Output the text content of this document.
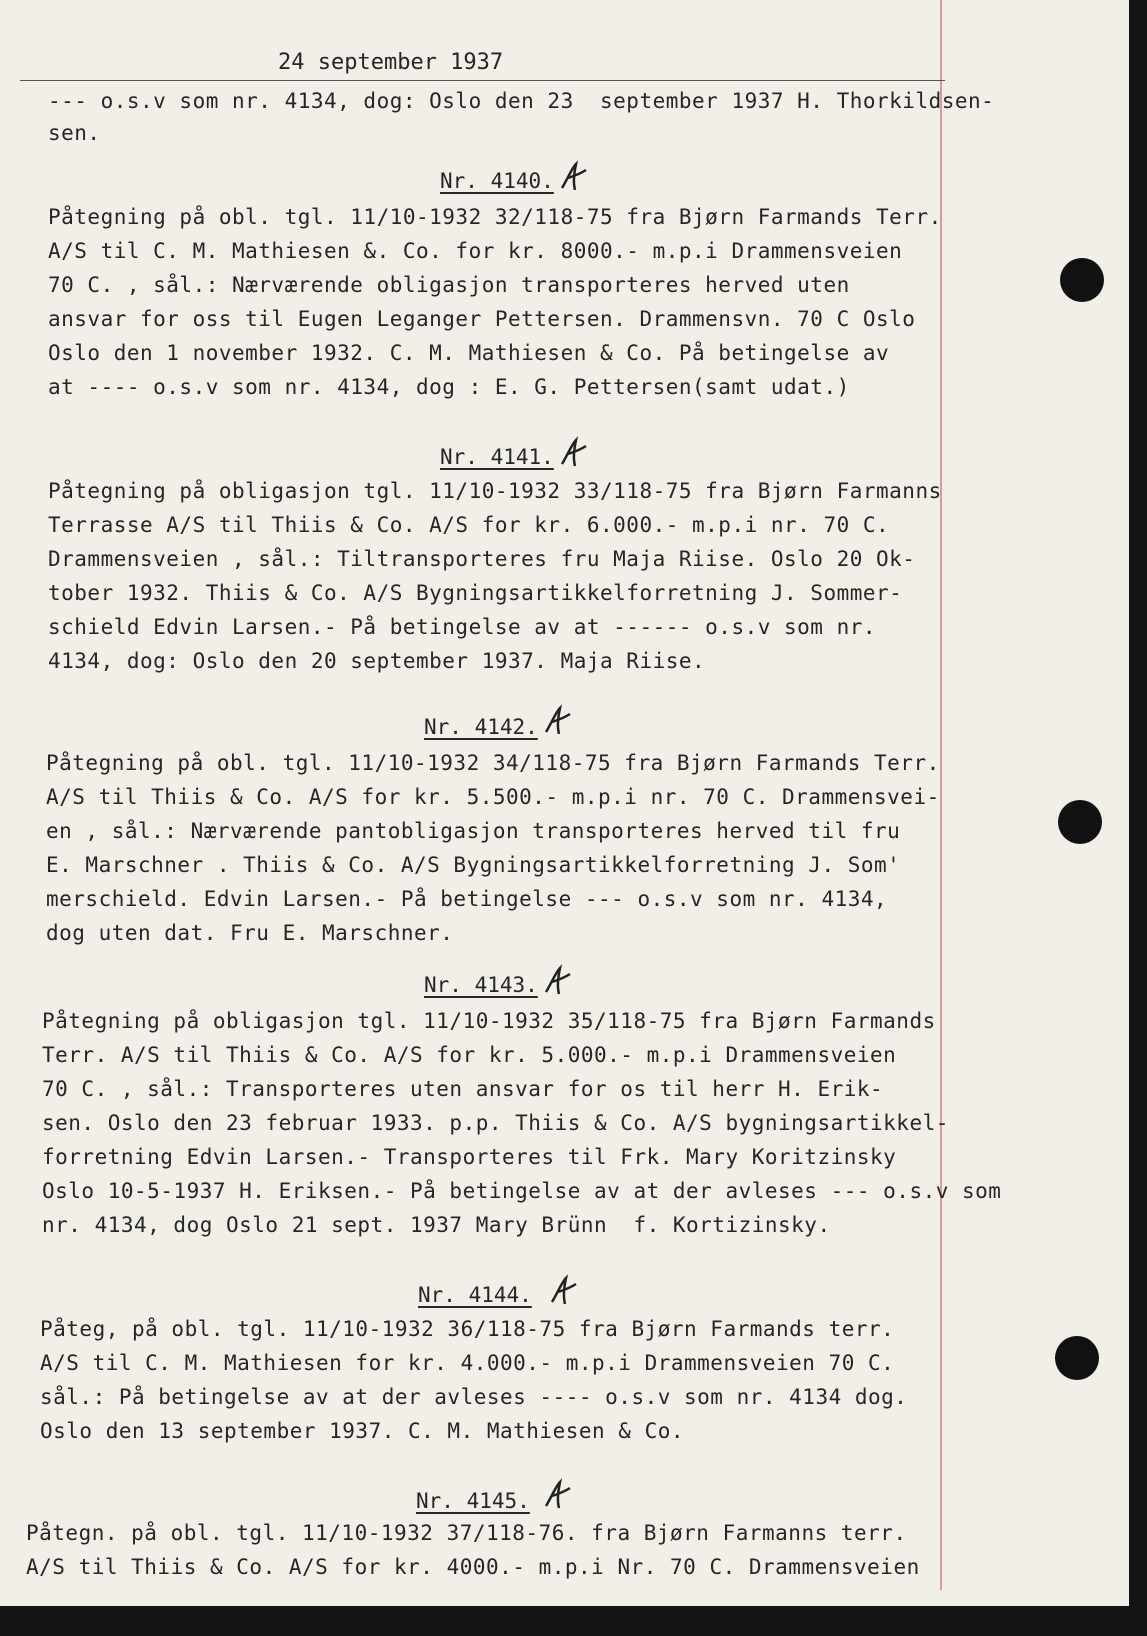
24 september 1937
--- o.s.v som nr. 4134, dog: Oslo den 23  september 1937 H. Thorkildsen-
sen.
Nr. 4140.
Påtegning på obl. tgl. 11/10-1932 32/118-75 fra Bjørn Farmands Terr.
A/S til C. M. Mathiesen &. Co. for kr. 8000.- m.p.i Drammensveien
70 C. , sål.: Nærværende obligasjon transporteres herved uten
ansvar for oss til Eugen Leganger Pettersen. Drammensvn. 70 C Oslo
Oslo den 1 november 1932. C. M. Mathiesen & Co. På betingelse av
at ---- o.s.v som nr. 4134, dog : E. G. Pettersen(samt udat.)
Nr. 4141.
Påtegning på obligasjon tgl. 11/10-1932 33/118-75 fra Bjørn Farmanns
Terrasse A/S til Thiis & Co. A/S for kr. 6.000.- m.p.i nr. 70 C.
Drammensveien , sål.: Tiltransporteres fru Maja Riise. Oslo 20 Ok-
tober 1932. Thiis & Co. A/S Bygningsartikkelforretning J. Sommer-
schield Edvin Larsen.- På betingelse av at ------ o.s.v som nr.
4134, dog: Oslo den 20 september 1937. Maja Riise.
Nr. 4142.
Påtegning på obl. tgl. 11/10-1932 34/118-75 fra Bjørn Farmands Terr.
A/S til Thiis & Co. A/S for kr. 5.500.- m.p.i nr. 70 C. Drammensvei-
en , sål.: Nærværende pantobligasjon transporteres herved til fru
E. Marschner . Thiis & Co. A/S Bygningsartikkelforretning J. Som'
merschield. Edvin Larsen.- På betingelse --- o.s.v som nr. 4134,
dog uten dat. Fru E. Marschner.
Nr. 4143.
Påtegning på obligasjon tgl. 11/10-1932 35/118-75 fra Bjørn Farmands
Terr. A/S til Thiis & Co. A/S for kr. 5.000.- m.p.i Drammensveien
70 C. , sål.: Transporteres uten ansvar for os til herr H. Erik-
sen. Oslo den 23 februar 1933. p.p. Thiis & Co. A/S bygningsartikkel-
forretning Edvin Larsen.- Transporteres til Frk. Mary Koritzinsky
Oslo 10-5-1937 H. Eriksen.- På betingelse av at der avleses --- o.s.v som
nr. 4134, dog Oslo 21 sept. 1937 Mary Brünn  f. Kortizinsky.
Nr. 4144.
Påteg, på obl. tgl. 11/10-1932 36/118-75 fra Bjørn Farmands terr.
A/S til C. M. Mathiesen for kr. 4.000.- m.p.i Drammensveien 70 C.
sål.: På betingelse av at der avleses ---- o.s.v som nr. 4134 dog.
Oslo den 13 september 1937. C. M. Mathiesen & Co.
Nr. 4145.
Påtegn. på obl. tgl. 11/10-1932 37/118-76. fra Bjørn Farmanns terr.
A/S til Thiis & Co. A/S for kr. 4000.- m.p.i Nr. 70 C. Drammensveien
